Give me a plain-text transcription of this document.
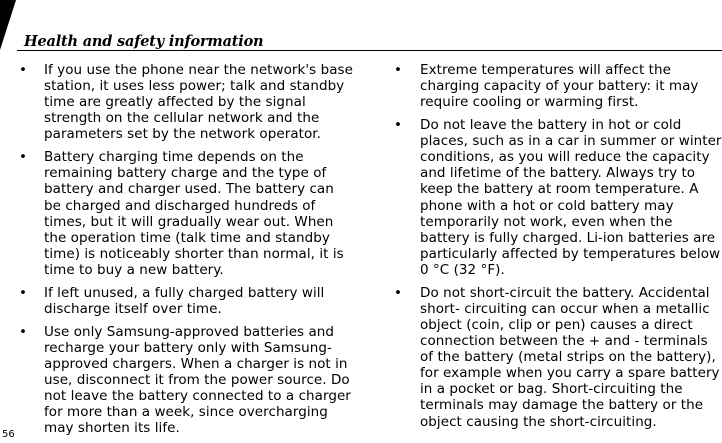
Health and safety information
• If you use the phone near the network's base station, it uses less power; talk and standby time are greatly affected by the signal strength on the cellular network and the parameters set by the network operator.
• Battery charging time depends on the remaining battery charge and the type of battery and charger used. The battery can be charged and discharged hundreds of times, but it will gradually wear out. When the operation time (talk time and standby time) is noticeably shorter than normal, it is time to buy a new battery.
• If left unused, a fully charged battery will discharge itself over time.
• Use only Samsung-approved batteries and recharge your battery only with Samsung-approved chargers. When a charger is not in use, disconnect it from the power source. Do not leave the battery connected to a charger for more than a week, since overcharging may shorten its life.
• Extreme temperatures will affect the charging capacity of your battery: it may require cooling or warming first.
• Do not leave the battery in hot or cold places, such as in a car in summer or winter conditions, as you will reduce the capacity and lifetime of the battery. Always try to keep the battery at room temperature. A phone with a hot or cold battery may temporarily not work, even when the battery is fully charged. Li-ion batteries are particularly affected by temperatures below 0 °C (32 °F).
• Do not short-circuit the battery. Accidental short- circuiting can occur when a metallic object (coin, clip or pen) causes a direct connection between the + and - terminals of the battery (metal strips on the battery), for example when you carry a spare battery in a pocket or bag. Short-circuiting the terminals may damage the battery or the object causing the short-circuiting.
56
